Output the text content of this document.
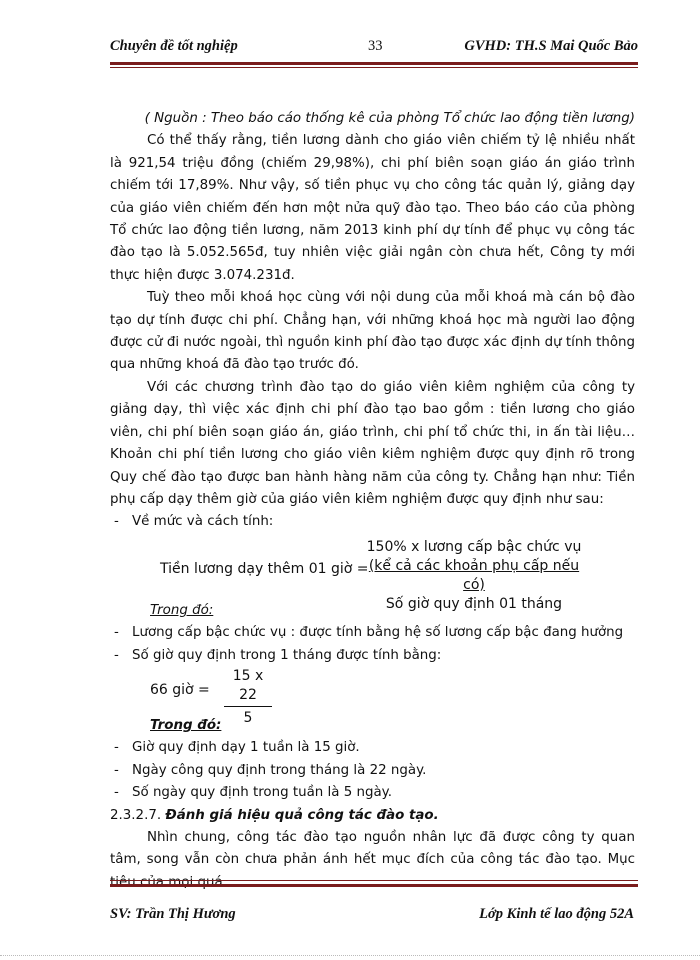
Chuyên đề tốt nghiệp	33	GVHD: TH.S Mai Quốc Bảo
( Nguồn : Theo báo cáo thống kê của phòng Tổ chức lao động tiền lương)

Có thể thấy rằng, tiền lương dành cho giáo viên chiếm tỷ lệ nhiều nhất là 921,54 triệu đồng (chiếm 29,98%), chi phí biên soạn giáo án giáo trình chiếm tới 17,89%. Như vậy, số tiền phục vụ cho công tác quản lý, giảng dạy của giáo viên chiếm đến hơn một nửa quỹ đào tạo. Theo báo cáo của phòng Tổ chức lao động tiền lương, năm 2013 kinh phí dự tính để phục vụ công tác đào tạo là 5.052.565đ, tuy nhiên việc giải ngân còn chưa hết, Công ty mới thực hiện được 3.074.231đ.

Tuỳ theo mỗi khoá học cùng với nội dung của mỗi khoá mà cán bộ đào tạo dự tính được chi phí. Chẳng hạn, với những khoá học mà người lao động được cử đi nước ngoài, thì nguồn kinh phí đào tạo được xác định dự tính thông qua những khoá đã đào tạo trước đó.

Với các chương trình đào tạo do giáo viên kiêm nghiệm của công ty giảng dạy, thì việc xác định chi phí đào tạo bao gồm : tiền lương cho giáo viên, chi phí biên soạn giáo án, giáo trình, chi phí tổ chức thi, in ấn tài liệu… Khoản chi phí tiền lương cho giáo viên kiêm nghiệm được quy định rõ trong Quy chế đào tạo được ban hành hàng năm của công ty. Chẳng hạn như: Tiền phụ cấp dạy thêm giờ của giáo viên kiêm nghiệm được quy định như sau:

- Về mức và cách tính:
Tiền lương dạy thêm 01 giờ =
150% x lương cấp bậc chức vụ
(kể cả các khoản phụ cấp nếu có)
Số giờ quy định 01 tháng
Trong đó:
- Lương cấp bậc chức vụ : được tính bằng hệ số lương cấp bậc đang hưởng
- Số giờ quy định trong 1 tháng được tính bằng:
66 giờ =
15 x 22
5
Trong đó:
- Giờ quy định dạy 1 tuần là 15 giờ.
- Ngày công quy định trong tháng là 22 ngày.
- Số ngày quy định trong tuần là 5 ngày.
2.3.2.7. Đánh giá hiệu quả công tác đào tạo.

Nhìn chung, công tác đào tạo nguồn nhân lực đã được công ty quan tâm, song vẫn còn chưa phản ánh hết mục đích của công tác đào tạo. Mục tiêu của mọi quá

SV: Trần Thị Hương	Lớp Kinh tế lao động 52A
